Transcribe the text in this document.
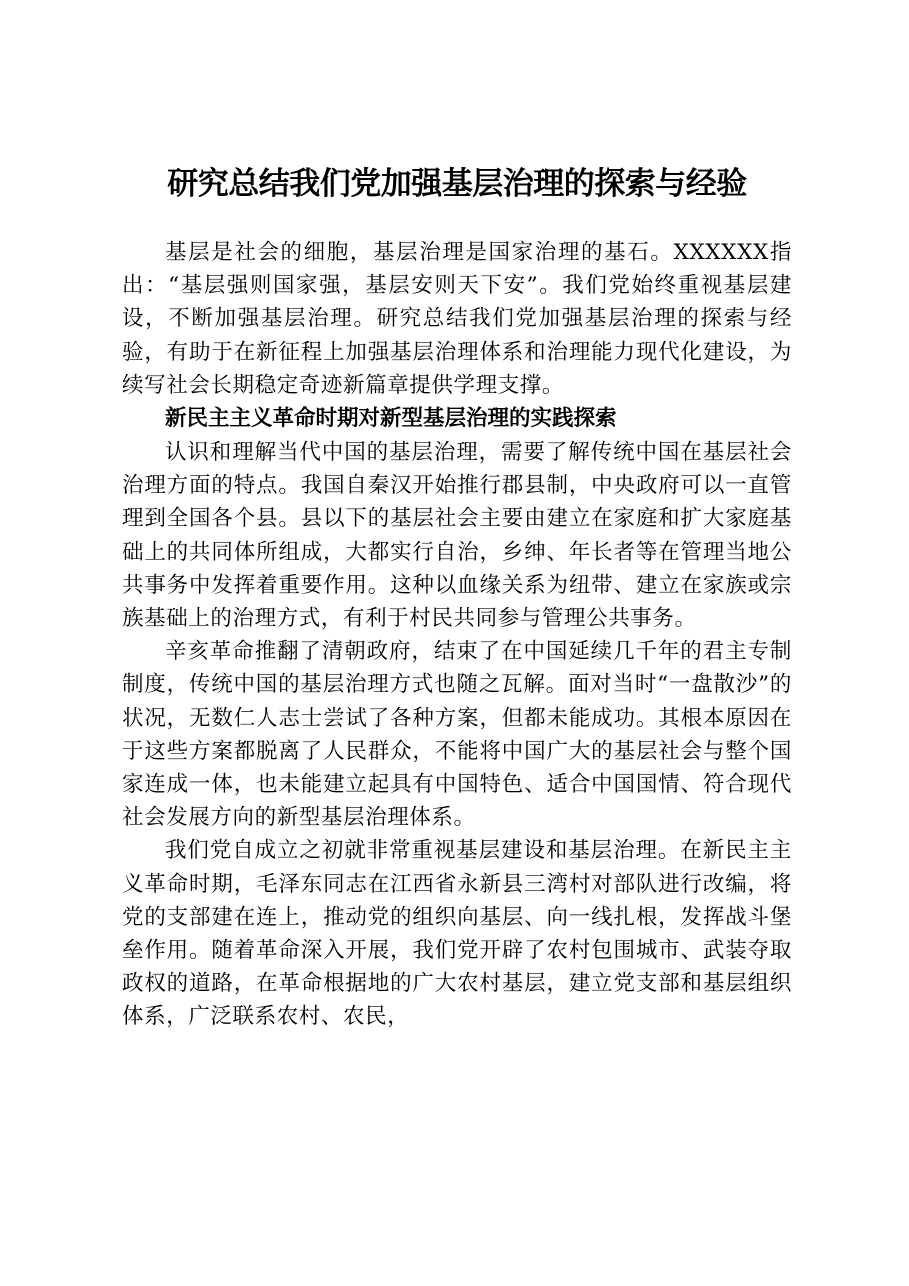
研究总结我们党加强基层治理的探索与经验

基层是社会的细胞，基层治理是国家治理的基石。XXXXXX指出：“基层强则国家强，基层安则天下安”。我们党始终重视基层建设，不断加强基层治理。研究总结我们党加强基层治理的探索与经验，有助于在新征程上加强基层治理体系和治理能力现代化建设，为续写社会长期稳定奇迹新篇章提供学理支撑。

新民主主义革命时期对新型基层治理的实践探索

认识和理解当代中国的基层治理，需要了解传统中国在基层社会治理方面的特点。我国自秦汉开始推行郡县制，中央政府可以一直管理到全国各个县。县以下的基层社会主要由建立在家庭和扩大家庭基础上的共同体所组成，大都实行自治，乡绅、年长者等在管理当地公共事务中发挥着重要作用。这种以血缘关系为纽带、建立在家族或宗族基础上的治理方式，有利于村民共同参与管理公共事务。

辛亥革命推翻了清朝政府，结束了在中国延续几千年的君主专制制度，传统中国的基层治理方式也随之瓦解。面对当时“一盘散沙”的状况，无数仁人志士尝试了各种方案，但都未能成功。其根本原因在于这些方案都脱离了人民群众，不能将中国广大的基层社会与整个国家连成一体，也未能建立起具有中国特色、适合中国国情、符合现代社会发展方向的新型基层治理体系。

我们党自成立之初就非常重视基层建设和基层治理。在新民主主义革命时期，毛泽东同志在江西省永新县三湾村对部队进行改编，将党的支部建在连上，推动党的组织向基层、向一线扎根，发挥战斗堡垒作用。随着革命深入开展，我们党开辟了农村包围城市、武装夺取政权的道路，在革命根据地的广大农村基层，建立党支部和基层组织体系，广泛联系农村、农民，
